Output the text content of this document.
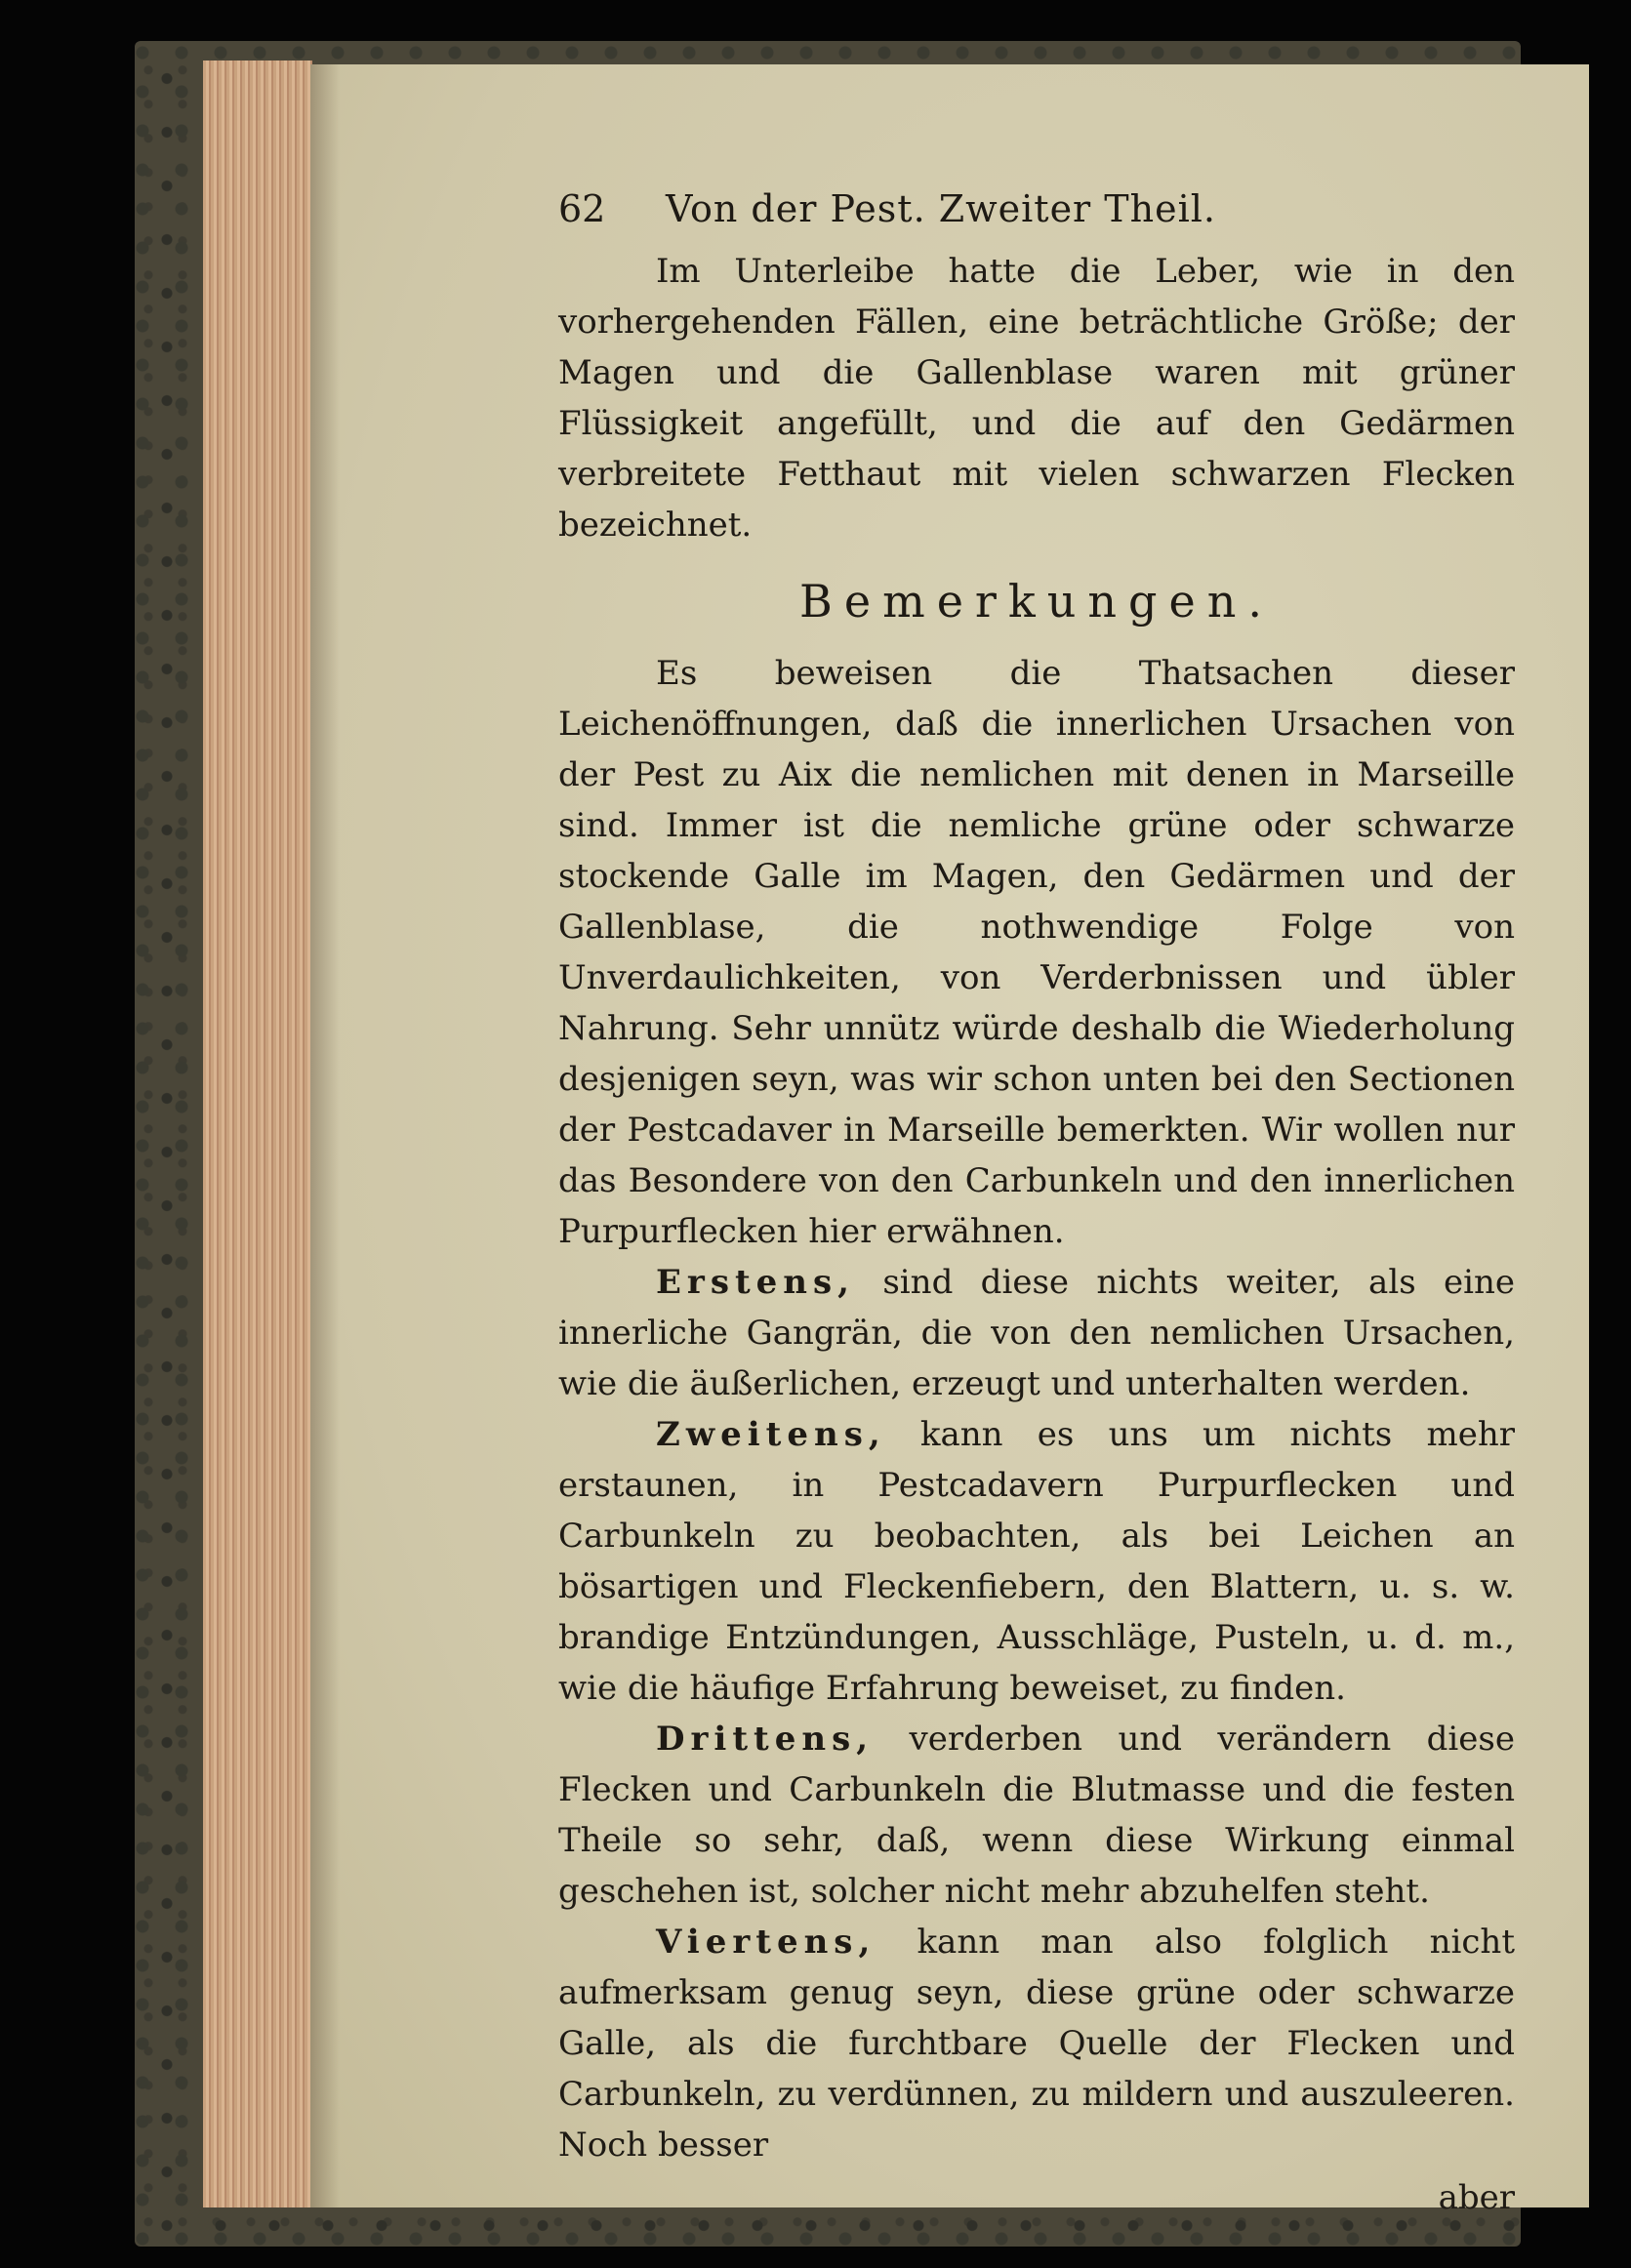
62	Von der Pest. Zweiter Theil.

Im Unterleibe hatte die Leber, wie in den vorhergehenden Fällen, eine beträchtliche Größe; der Magen und die Gallenblase waren mit grüner Flüssigkeit angefüllt, und die auf den Gedärmen verbreitete Fetthaut mit vielen schwarzen Flecken bezeichnet.

Bemerkungen.

Es beweisen die Thatsachen dieser Leichenöffnungen, daß die innerlichen Ursachen von der Pest zu Aix die nemlichen mit denen in Marseille sind. Immer ist die nemliche grüne oder schwarze stockende Galle im Magen, den Gedärmen und der Gallenblase, die nothwendige Folge von Unverdaulichkeiten, von Verderbnissen und übler Nahrung. Sehr unnütz würde deshalb die Wiederholung desjenigen seyn, was wir schon unten bei den Sectionen der Pestcadaver in Marseille bemerkten. Wir wollen nur das Besondere von den Carbunkeln und den innerlichen Purpurflecken hier erwähnen.

Erstens, sind diese nichts weiter, als eine innerliche Gangrän, die von den nemlichen Ursachen, wie die äußerlichen, erzeugt und unterhalten werden.

Zweitens, kann es uns um nichts mehr erstaunen, in Pestcadavern Purpurflecken und Carbunkeln zu beobachten, als bei Leichen an bösartigen und Fleckenfiebern, den Blattern, u. s. w. brandige Entzündungen, Ausschläge, Pusteln, u. d. m., wie die häufige Erfahrung beweiset, zu finden.

Drittens, verderben und verändern diese Flecken und Carbunkeln die Blutmasse und die festen Theile so sehr, daß, wenn diese Wirkung einmal geschehen ist, solcher nicht mehr abzuhelfen steht.

Viertens, kann man also folglich nicht aufmerksam genug seyn, diese grüne oder schwarze Galle, als die furchtbare Quelle der Flecken und Carbunkeln, zu verdünnen, zu mildern und auszuleeren. Noch besser

aber
